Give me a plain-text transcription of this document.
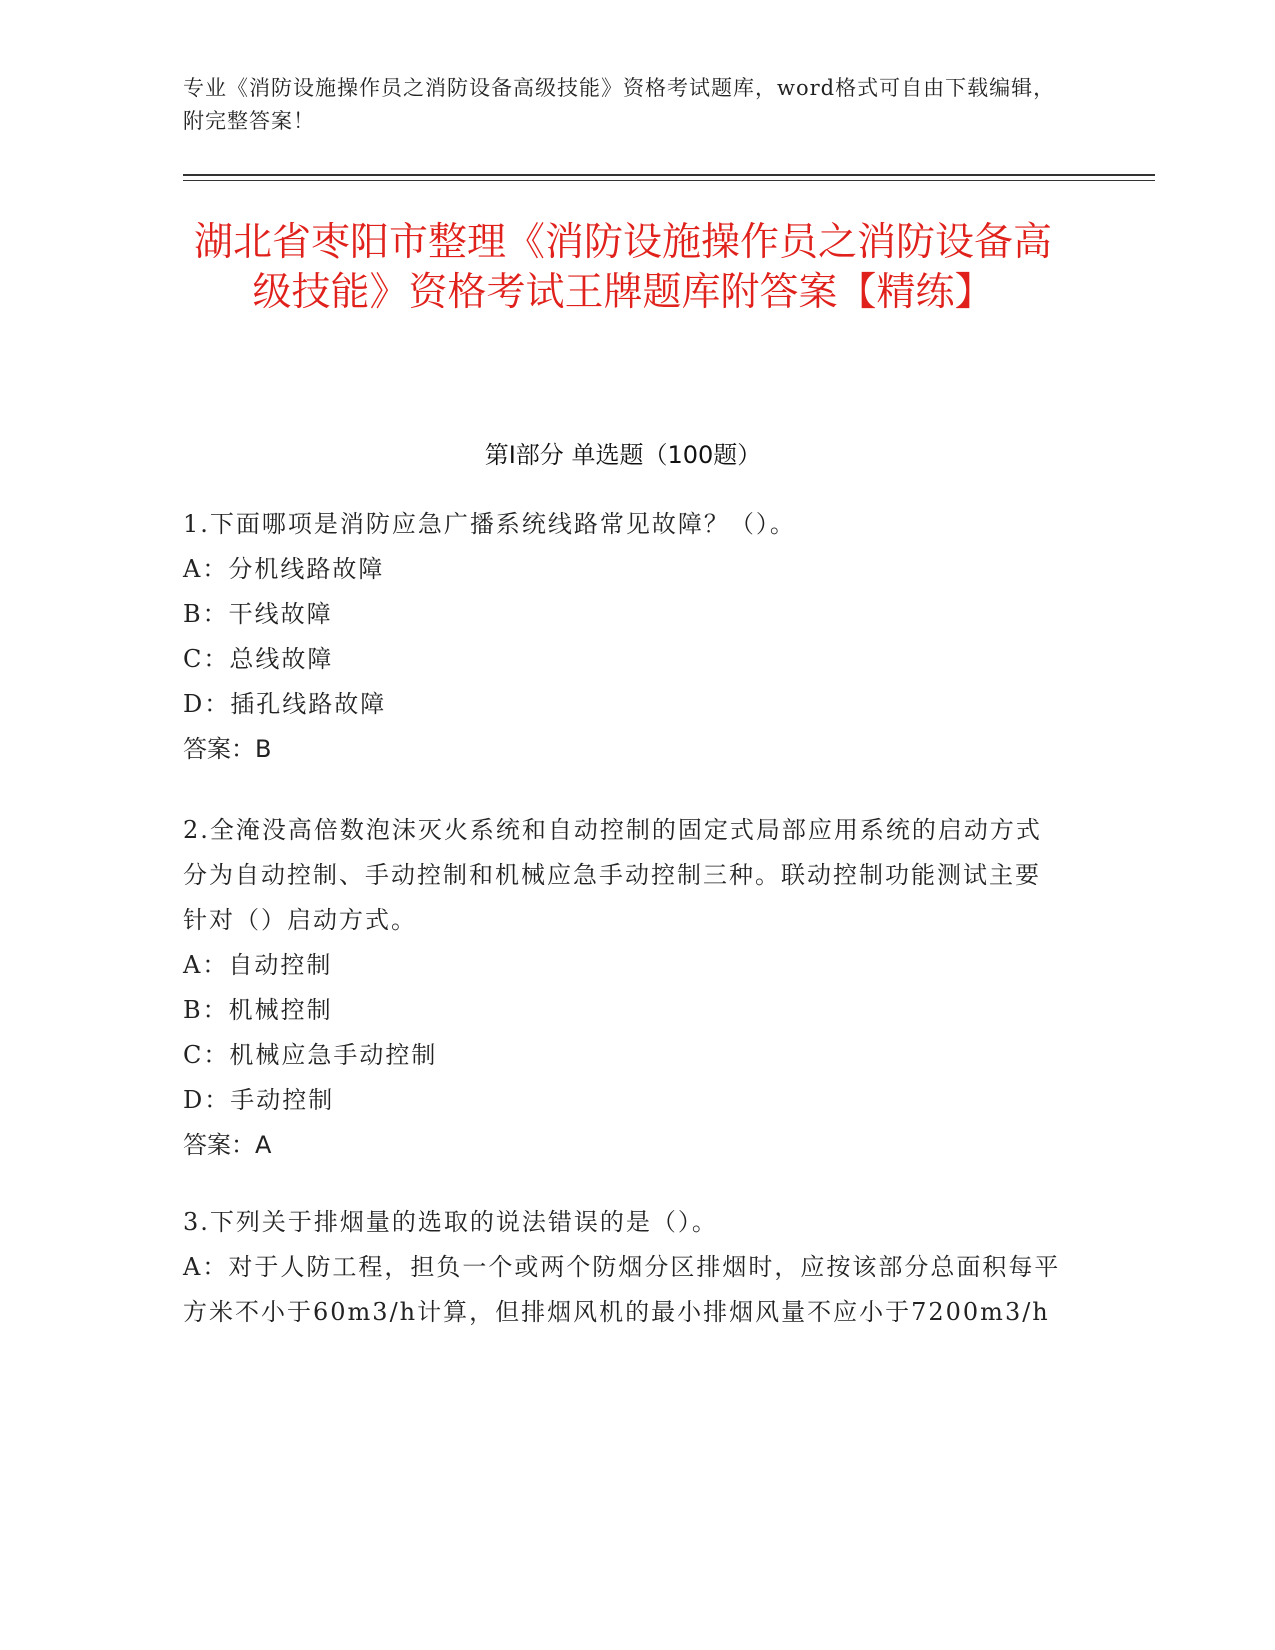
专业《消防设施操作员之消防设备高级技能》资格考试题库，word格式可自由下载编辑，附完整答案！
湖北省枣阳市整理《消防设施操作员之消防设备高级技能》资格考试王牌题库附答案【精练】
第Ⅰ部分 单选题（100题）
1.下面哪项是消防应急广播系统线路常见故障？（）。
A：分机线路故障
B：干线故障
C：总线故障
D：插孔线路故障
答案：B
2.全淹没高倍数泡沫灭火系统和自动控制的固定式局部应用系统的启动方式分为自动控制、手动控制和机械应急手动控制三种。联动控制功能测试主要针对（）启动方式。
A：自动控制
B：机械控制
C：机械应急手动控制
D：手动控制
答案：A
3.下列关于排烟量的选取的说法错误的是（）。
A：对于人防工程，担负一个或两个防烟分区排烟时，应按该部分总面积每平方米不小于60m3/h计算，但排烟风机的最小排烟风量不应小于7200m3/h
